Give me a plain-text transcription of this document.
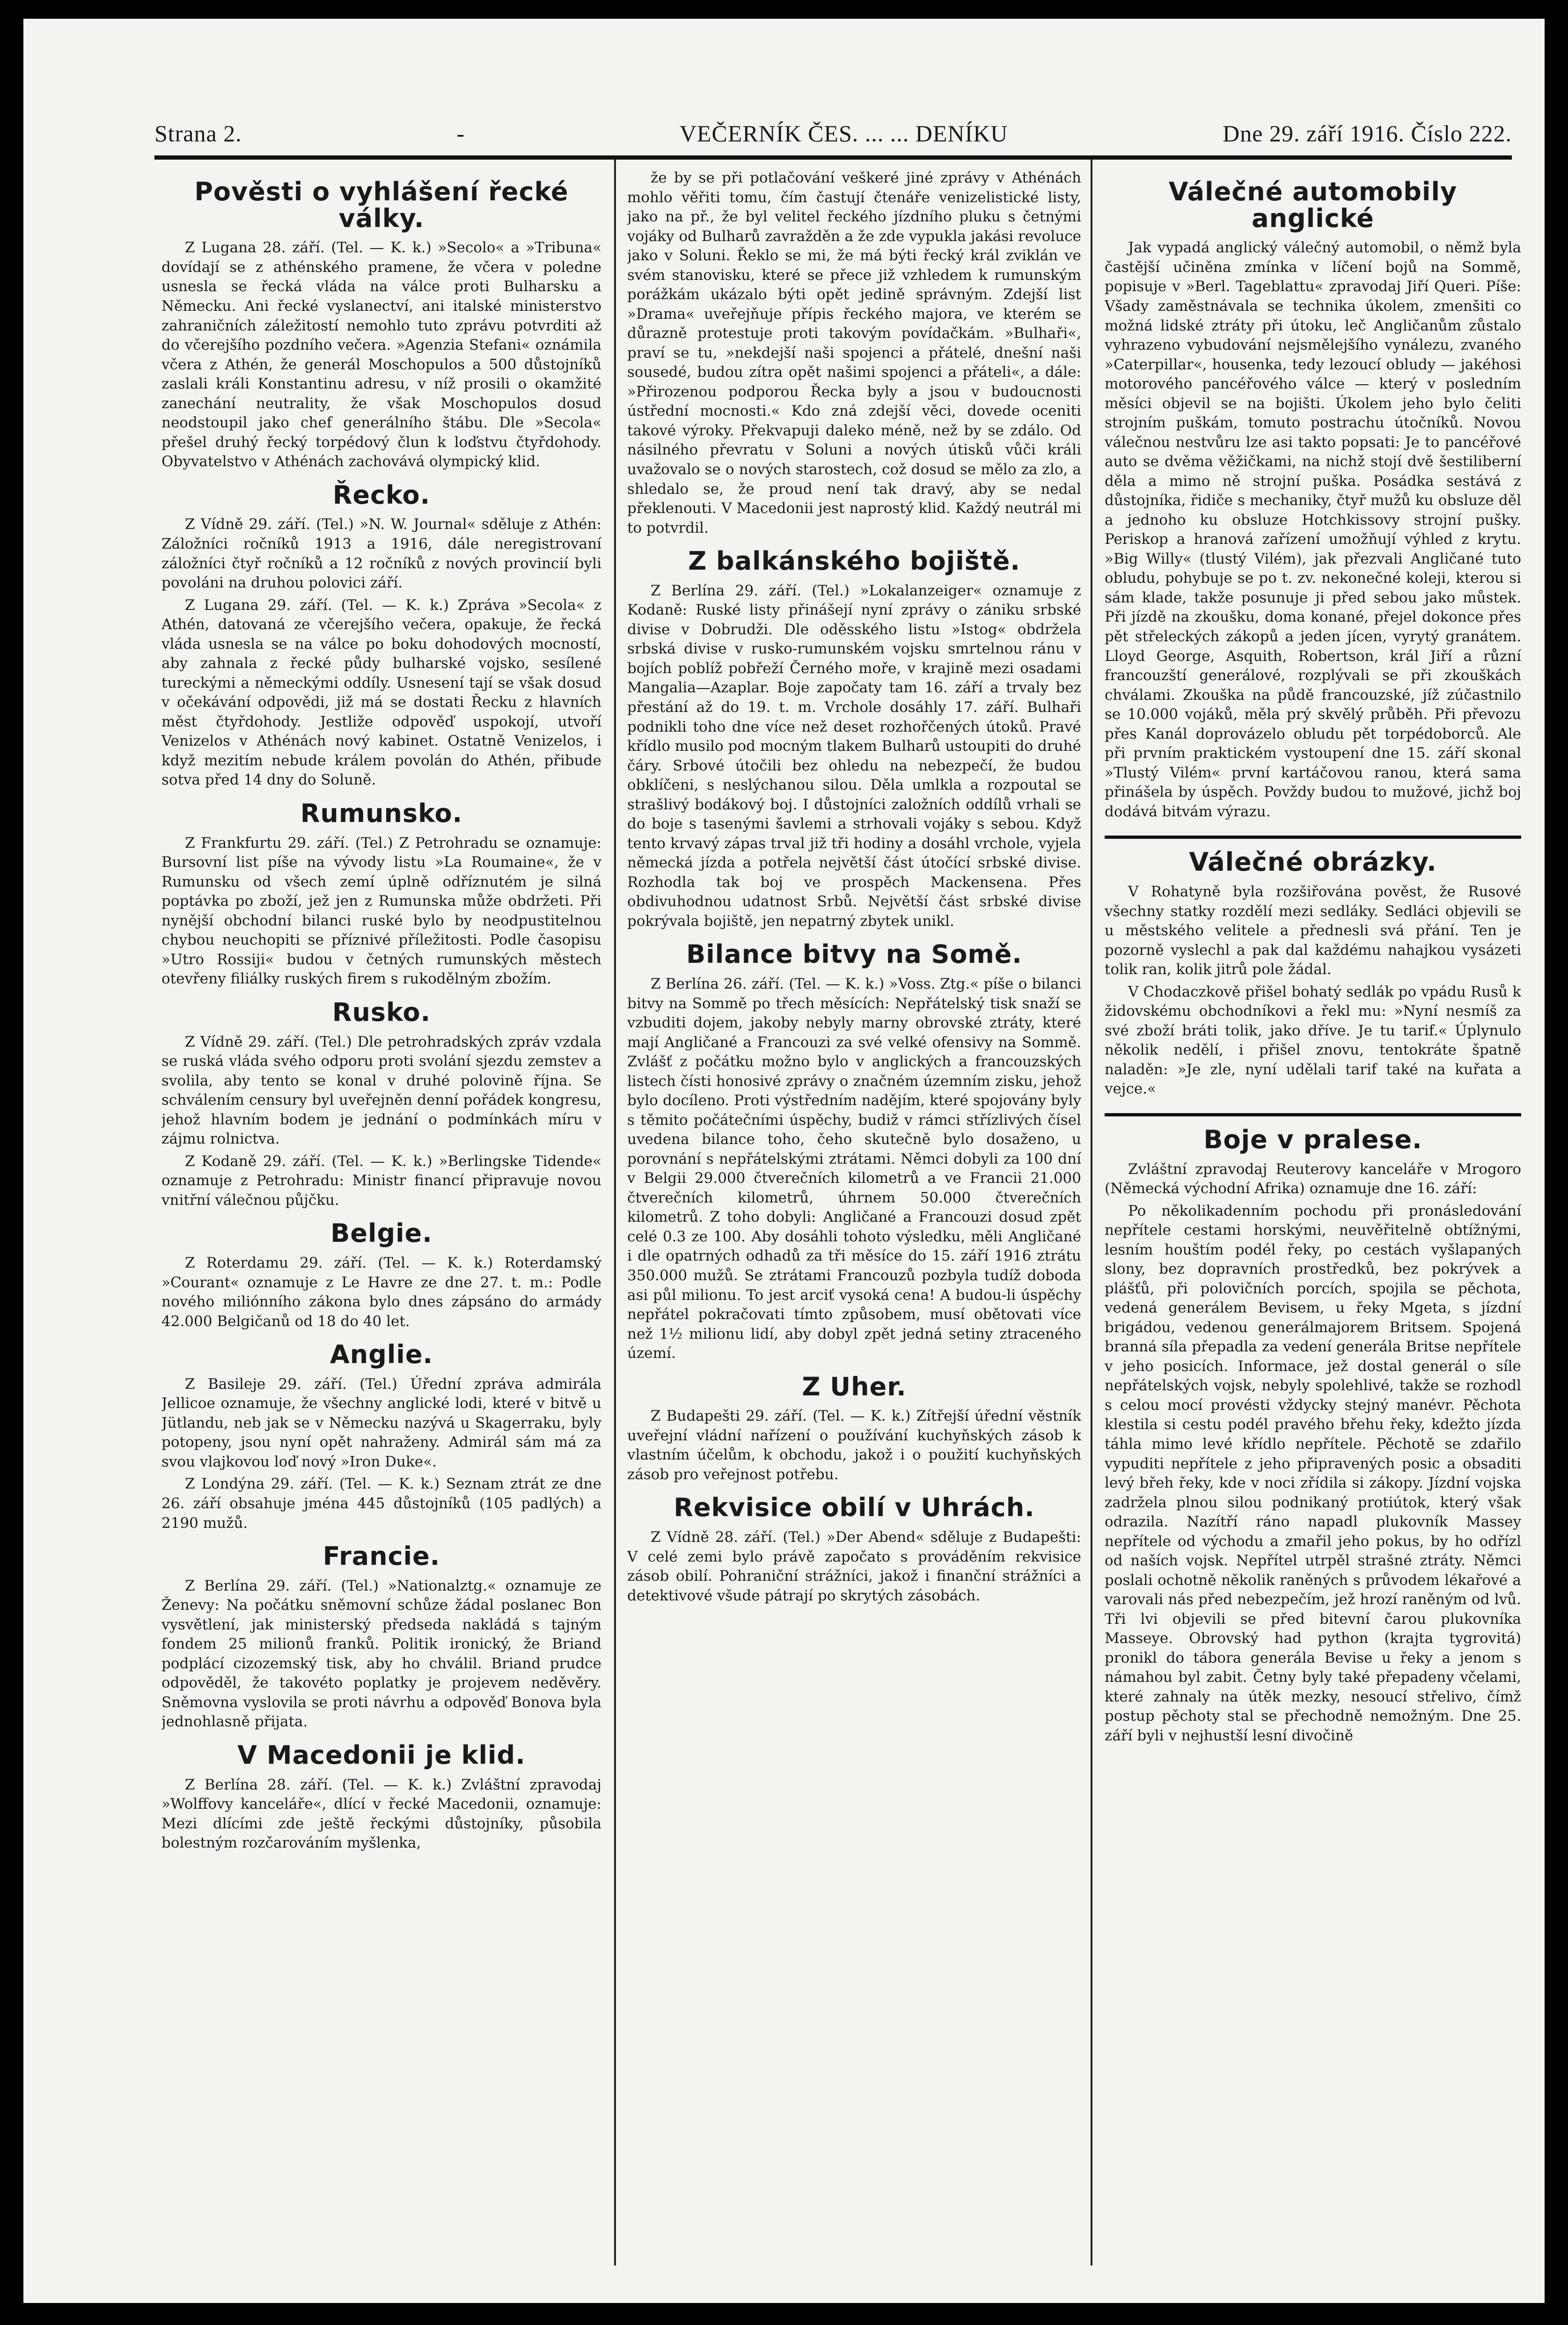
Strana 2.	-	VEČERNÍK ČES. ... ... DENÍKU	Dne 29. září 1916. Číslo 222.
Pověsti o vyhlášení řecké války.

Z Lugana 28. září. (Tel. — K. k.) »Secolo« a »Tribuna« dovídají se z athénského pramene, že včera v poledne usnesla se řecká vláda na válce proti Bulharsku a Německu. Ani řecké vyslanectví, ani italské ministerstvo zahraničních záležitostí nemohlo tuto zprávu potvrditi až do včerejšího pozdního večera. »Agenzia Stefani« oznámila včera z Athén, že generál Moschopulos a 500 důstojníků zaslali králi Konstantinu adresu, v níž prosili o okamžité zanechání neutrality, že však Moschopulos dosud neodstoupil jako chef generálního štábu. Dle »Secola« přešel druhý řecký torpédový člun k loďstvu čtyřdohody. Obyvatelstvo v Athénách zachovává olympický klid.

Řecko.

Z Vídně 29. září. (Tel.) »N. W. Journal« sděluje z Athén: Záložníci ročníků 1913 a 1916, dále neregistrovaní záložníci čtyř ročníků a 12 ročníků z nových provincií byli povoláni na druhou polovici září.

Z Lugana 29. září. (Tel. — K. k.) Zpráva »Secola« z Athén, datovaná ze včerejšího večera, opakuje, že řecká vláda usnesla se na válce po boku dohodových mocností, aby zahnala z řecké půdy bulharské vojsko, sesílené tureckými a německými oddíly. Usnesení tají se však dosud v očekávání odpovědi, již má se dostati Řecku z hlavních měst čtyřdohody. Jestliže odpověď uspokojí, utvoří Venizelos v Athénách nový kabinet. Ostatně Venizelos, i když mezitím nebude králem povolán do Athén, přibude sotva před 14 dny do Soluně.

Rumunsko.

Z Frankfurtu 29. září. (Tel.) Z Petrohradu se oznamuje: Bursovní list píše na vývody listu »La Roumaine«, že v Rumunsku od všech zemí úplně odříznutém je silná poptávka po zboží, jež jen z Rumunska může obdržeti. Při nynější obchodní bilanci ruské bylo by neodpustitelnou chybou neuchopiti se příznivé příležitosti. Podle časopisu »Utro Rossiji« budou v četných rumunských městech otevřeny filiálky ruských firem s rukodělným zbožím.

Rusko.

Z Vídně 29. září. (Tel.) Dle petrohradských zpráv vzdala se ruská vláda svého odporu proti svolání sjezdu zemstev a svolila, aby tento se konal v druhé polovině října. Se schválením censury byl uveřejněn denní pořádek kongresu, jehož hlavním bodem je jednání o podmínkách míru v zájmu rolnictva.

Z Kodaně 29. září. (Tel. — K. k.) »Berlingske Tidende« oznamuje z Petrohradu: Ministr financí připravuje novou vnitřní válečnou půjčku.

Belgie.

Z Roterdamu 29. září. (Tel. — K. k.) Roterdamský »Courant« oznamuje z Le Havre ze dne 27. t. m.: Podle nového miliónního zákona bylo dnes zápsáno do armády 42.000 Belgičanů od 18 do 40 let.

Anglie.

Z Basileje 29. září. (Tel.) Úřední zpráva admirála Jellicoe oznamuje, že všechny anglické lodi, které v bitvě u Jütlandu, neb jak se v Německu nazývá u Skagerraku, byly potopeny, jsou nyní opět nahraženy. Admirál sám má za svou vlajkovou loď nový »Iron Duke«.

Z Londýna 29. září. (Tel. — K. k.) Seznam ztrát ze dne 26. září obsahuje jména 445 důstojníků (105 padlých) a 2190 mužů.

Francie.

Z Berlína 29. září. (Tel.) »Nationalztg.« oznamuje ze Ženevy: Na počátku sněmovní schůze žádal poslanec Bon vysvětlení, jak ministerský předseda nakládá s tajným fondem 25 milionů franků. Politik ironický, že Briand podplácí cizozemský tisk, aby ho chválil. Briand prudce odpověděl, že takovéto poplatky je projevem neděvěry. Sněmovna vyslovila se proti návrhu a odpověď Bonova byla jednohlasně přijata.

V Macedonii je klid.

Z Berlína 28. září. (Tel. — K. k.) Zvláštní zpravodaj »Wolffovy kanceláře«, dlící v řecké Macedonii, oznamuje: Mezi dlícími zde ještě řeckými důstojníky, působila bolestným rozčarováním myšlenka,

že by se při potlačování veškeré jiné zprávy v Athénách mohlo věřiti tomu, čím častují čtenáře venizelistické listy, jako na př., že byl velitel řeckého jízdního pluku s četnými vojáky od Bulharů zavražděn a že zde vypukla jakási revoluce jako v Soluni. Řeklo se mi, že má býti řecký král zviklán ve svém stanovisku, které se přece již vzhledem k rumunským porážkám ukázalo býti opět jedině správným. Zdejší list »Drama« uveřejňuje přípis řeckého majora, ve kterém se důrazně protestuje proti takovým povídačkám. »Bulhaři«, praví se tu, »nekdejší naši spojenci a přátelé, dnešní naši sousedé, budou zítra opět našimi spojenci a přáteli«, a dále: »Přirozenou podporou Řecka byly a jsou v budoucnosti ústřední mocnosti.« Kdo zná zdejší věci, dovede oceniti takové výroky. Překvapuji daleko méně, než by se zdálo. Od násilného převratu v Soluni a nových útisků vůči králi uvažovalo se o nových starostech, což dosud se mělo za zlo, a shledalo se, že proud není tak dravý, aby se nedal překlenouti. V Macedonii jest naprostý klid. Každý neutrál mi to potvrdil.

Z balkánského bojiště.

Z Berlína 29. září. (Tel.) »Lokalanzeiger« oznamuje z Kodaně: Ruské listy přinášejí nyní zprávy o zániku srbské divise v Dobrudži. Dle oděsského listu »Istog« obdržela srbská divise v rusko-rumunském vojsku smrtelnou ránu v bojích poblíž pobřeží Černého moře, v krajině mezi osadami Mangalia—Azaplar. Boje započaty tam 16. září a trvaly bez přestání až do 19. t. m. Vrchole dosáhly 17. září. Bulhaři podnikli toho dne více než deset rozhořčených útoků. Pravé křídlo musilo pod mocným tlakem Bulharů ustoupiti do druhé čáry. Srbové útočili bez ohledu na nebezpečí, že budou obklíčeni, s neslýchanou silou. Děla umlkla a rozpoutal se strašlivý bodákový boj. I důstojníci založních oddílů vrhali se do boje s tasenými šavlemi a strhovali vojáky s sebou. Když tento krvavý zápas trval již tři hodiny a dosáhl vrchole, vyjela německá jízda a potřela největší část útočící srbské divise. Rozhodla tak boj ve prospěch Mackensena. Přes obdivuhodnou udatnost Srbů. Největší část srbské divise pokrývala bojiště, jen nepatrný zbytek unikl.

Bilance bitvy na Somě.

Z Berlína 26. září. (Tel. — K. k.) »Voss. Ztg.« píše o bilanci bitvy na Sommě po třech měsících: Nepřátelský tisk snaží se vzbuditi dojem, jakoby nebyly marny obrovské ztráty, které mají Angličané a Francouzi za své velké ofensivy na Sommě. Zvlášť z počátku možno bylo v anglických a francouzských listech čísti honosivé zprávy o značném územním zisku, jehož bylo docíleno. Proti výstředním nadějím, které spojovány byly s těmito počátečními úspěchy, budiž v rámci střízlivých čísel uvedena bilance toho, čeho skutečně bylo dosaženo, u porovnání s nepřátelskými ztrátami. Němci dobyli za 100 dní v Belgii 29.000 čtverečních kilometrů a ve Francii 21.000 čtverečních kilometrů, úhrnem 50.000 čtverečních kilometrů. Z toho dobyli: Angličané a Francouzi dosud zpět celé 0.3 ze 100. Aby dosáhli tohoto výsledku, měli Angličané i dle opatrných odhadů za tři měsíce do 15. září 1916 ztrátu 350.000 mužů. Se ztrátami Francouzů pozbyla tudíž doboda asi půl milionu. To jest arciť vysoká cena! A budou-li úspěchy nepřátel pokračovati tímto způsobem, musí obětovati více než 1½ milionu lidí, aby dobyl zpět jedná setiny ztraceného území.

Z Uher.

Z Budapešti 29. září. (Tel. — K. k.) Zítřejší úřední věstník uveřejní vládní nařízení o používání kuchyňských zásob k vlastním účelům, k obchodu, jakož i o použití kuchyňských zásob pro veřejnost potřebu.

Rekvisice obilí v Uhrách.

Z Vídně 28. září. (Tel.) »Der Abend« sděluje z Budapešti: V celé zemi bylo právě započato s prováděním rekvisice zásob obilí. Pohraniční strážníci, jakož i finanční strážníci a detektivové všude pátrají po skrytých zásobách.

Válečné automobily anglické

Jak vypadá anglický válečný automobil, o němž byla častější učiněna zmínka v líčení bojů na Sommě, popisuje v »Berl. Tageblattu« zpravodaj Jiří Queri. Píše: Všady zaměstnávala se technika úkolem, zmenšiti co možná lidské ztráty při útoku, leč Angličanům zůstalo vyhrazeno vybudování nejsmělejšího vynálezu, zvaného »Caterpillar«, housenka, tedy lezoucí obludy — jakéhosi motorového pancéřového válce — který v posledním měsíci objevil se na bojišti. Úkolem jeho bylo čeliti strojním puškám, tomuto postrachu útočníků. Novou válečnou nestvůru lze asi takto popsati: Je to pancéřové auto se dvěma věžičkami, na nichž stojí dvě šestiliberní děla a mimo ně strojní puška. Posádka sestává z důstojníka, řidiče s mechaniky, čtyř mužů ku obsluze děl a jednoho ku obsluze Hotchkissovy strojní pušky. Periskop a hranová zařízení umožňují výhled z krytu. »Big Willy« (tlustý Vilém), jak přezvali Angličané tuto obludu, pohybuje se po t. zv. nekonečné koleji, kterou si sám klade, takže posunuje ji před sebou jako můstek. Při jízdě na zkoušku, doma konané, přejel dokonce přes pět střeleckých zákopů a jeden jícen, vyrytý granátem. Lloyd George, Asquith, Robertson, král Jiří a různí francouzští generálové, rozplývali se při zkouškách chválami. Zkouška na půdě francouzské, jíž zúčastnilo se 10.000 vojáků, měla prý skvělý průběh. Při převozu přes Kanál doprovázelo obludu pět torpédoborců. Ale při prvním praktickém vystoupení dne 15. září skonal »Tlustý Vilém« první kartáčovou ranou, která sama přinášela by úspěch. Povždy budou to mužové, jichž boj dodává bitvám výrazu.

Válečné obrázky.

V Rohatyně byla rozšiřována pověst, že Rusové všechny statky rozdělí mezi sedláky. Sedláci objevili se u městského velitele a přednesli svá přání. Ten je pozorně vyslechl a pak dal každému nahajkou vysázeti tolik ran, kolik jitrů pole žádal.

V Chodaczkově přišel bohatý sedlák po vpádu Rusů k židovskému obchodníkovi a řekl mu: »Nyní nesmíš za své zboží bráti tolik, jako dříve. Je tu tarif.« Úplynulo několik nedělí, i přišel znovu, tentokráte špatně naladěn: »Je zle, nyní udělali tarif také na kuřata a vejce.«

Boje v pralese.

Zvláštní zpravodaj Reuterovy kanceláře v Mrogoro (Německá východní Afrika) oznamuje dne 16. září:

Po několikadenním pochodu při pronásledování nepřítele cestami horskými, neuvěřitelně obtížnými, lesním houštím podél řeky, po cestách vyšlapaných slony, bez dopravních prostředků, bez pokrývek a plášťů, při polovičních porcích, spojila se pěchota, vedená generálem Bevisem, u řeky Mgeta, s jízdní brigádou, vedenou generálmajorem Britsem. Spojená branná síla přepadla za vedení generála Britse nepřítele v jeho posicích. Informace, jež dostal generál o síle nepřátelských vojsk, nebyly spolehlivé, takže se rozhodl s celou mocí provésti vždycky stejný manévr. Pěchota klestila si cestu podél pravého břehu řeky, kdežto jízda táhla mimo levé křídlo nepřítele. Pěchotě se zdařilo vypuditi nepřítele z jeho připravených posic a obsaditi levý břeh řeky, kde v noci zřídila si zákopy. Jízdní vojska zadržela plnou silou podnikaný protiútok, který však odrazila. Nazítří ráno napadl plukovník Massey nepřítele od východu a zmařil jeho pokus, by ho odřízl od naších vojsk. Nepřítel utrpěl strašné ztráty. Němci poslali ochotně několik raněných s průvodem lékařové a varovali nás před nebezpečím, jež hrozí raněným od lvů. Tři lvi objevili se před bitevní čarou plukovníka Masseye. Obrovský had python (krajta tygrovitá) pronikl do tábora generála Bevise u řeky a jenom s námahou byl zabit. Četny byly také přepadeny včelami, které zahnaly na útěk mezky, nesoucí střelivo, čímž postup pěchoty stal se přechodně nemožným. Dne 25. září byli v nejhustší lesní divočině
